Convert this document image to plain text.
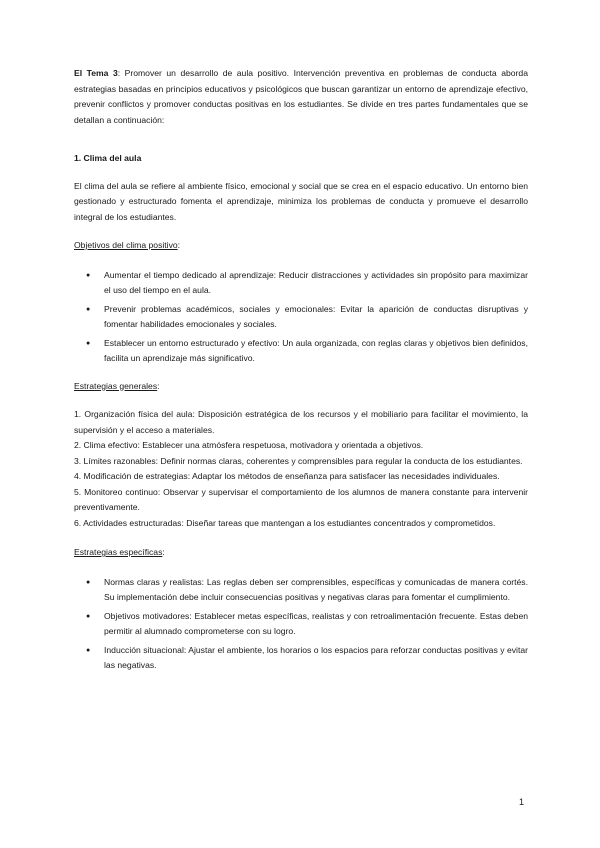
El Tema 3: Promover un desarrollo de aula positivo. Intervención preventiva en problemas de conducta aborda estrategias basadas en principios educativos y psicológicos que buscan garantizar un entorno de aprendizaje efectivo, prevenir conflictos y promover conductas positivas en los estudiantes. Se divide en tres partes fundamentales que se detallan a continuación:

1. Clima del aula

El clima del aula se refiere al ambiente físico, emocional y social que se crea en el espacio educativo. Un entorno bien gestionado y estructurado fomenta el aprendizaje, minimiza los problemas de conducta y promueve el desarrollo integral de los estudiantes.

Objetivos del clima positivo:

● Aumentar el tiempo dedicado al aprendizaje: Reducir distracciones y actividades sin propósito para maximizar el uso del tiempo en el aula.
● Prevenir problemas académicos, sociales y emocionales: Evitar la aparición de conductas disruptivas y fomentar habilidades emocionales y sociales.
● Establecer un entorno estructurado y efectivo: Un aula organizada, con reglas claras y objetivos bien definidos, facilita un aprendizaje más significativo.

Estrategias generales:

1. Organización física del aula: Disposición estratégica de los recursos y el mobiliario para facilitar el movimiento, la supervisión y el acceso a materiales.

2. Clima efectivo: Establecer una atmósfera respetuosa, motivadora y orientada a objetivos.

3. Límites razonables: Definir normas claras, coherentes y comprensibles para regular la conducta de los estudiantes.

4. Modificación de estrategias: Adaptar los métodos de enseñanza para satisfacer las necesidades individuales.

5. Monitoreo continuo: Observar y supervisar el comportamiento de los alumnos de manera constante para intervenir preventivamente.

6. Actividades estructuradas: Diseñar tareas que mantengan a los estudiantes concentrados y comprometidos.

Estrategias específicas:

● Normas claras y realistas: Las reglas deben ser comprensibles, específicas y comunicadas de manera cortés. Su implementación debe incluir consecuencias positivas y negativas claras para fomentar el cumplimiento.
● Objetivos motivadores: Establecer metas específicas, realistas y con retroalimentación frecuente. Estas deben permitir al alumnado comprometerse con su logro.
● Inducción situacional: Ajustar el ambiente, los horarios o los espacios para reforzar conductas positivas y evitar las negativas.
1
